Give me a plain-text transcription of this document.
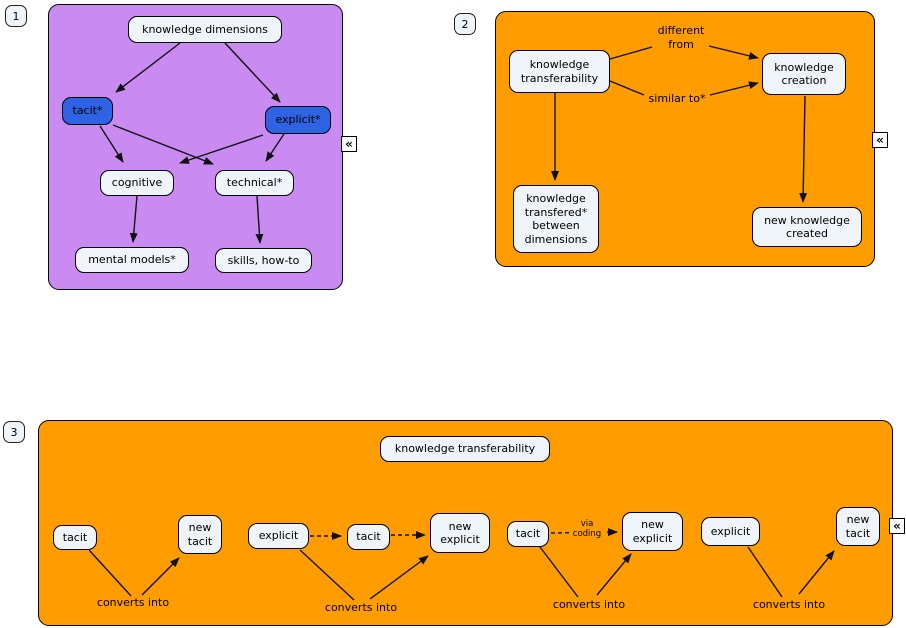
1
knowledge dimensions
tacit*
explicit*
cognitive	technical*
mental models*	skills, how-to
«
2
knowledge transferability
knowledge creation
knowledge transfered* between dimensions
new knowledge created
different from
similar to*
«
3
knowledge transferability
tacit
new tacit	explicit	tacit
new explicit	tacit
new explicit
explicit
new tacit
converts into	converts into	converts into	converts into
via coding
«
